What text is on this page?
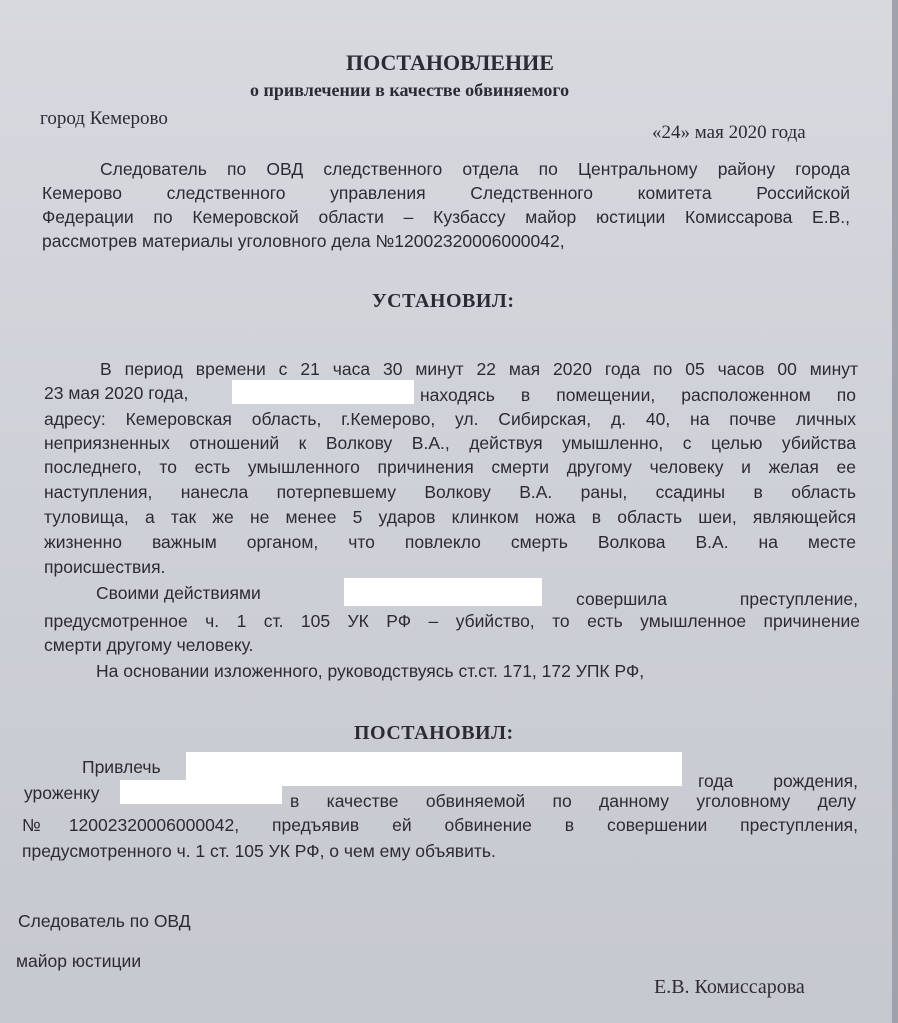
ПОСТАНОВЛЕНИЕ
о привлечении в качестве обвиняемого
город Кемерово
«24» мая 2020 года
Следователь по ОВД следственного отдела по Центральному району города
Кемерово следственного управления Следственного комитета Российской
Федерации по Кемеровской области – Кузбассу майор юстиции Комиссарова Е.В.,
рассмотрев материалы уголовного дела №12002320006000042,
УСТАНОВИЛ:
В период времени с 21 часа 30 минут 22 мая 2020 года по 05 часов 00 минут
23 мая 2020 года,	находясь в помещении, расположенном по
адресу: Кемеровская область, г.Кемерово, ул. Сибирская, д. 40, на почве личных
неприязненных отношений к Волкову В.А., действуя умышленно, с целью убийства
последнего, то есть умышленного причинения смерти другому человеку и желая ее
наступления, нанесла потерпевшему Волкову В.А. раны, ссадины в область
туловища, а так же не менее 5 ударов клинком ножа в область шеи, являющейся
жизненно важным органом, что повлекло смерть Волкова В.А. на месте
происшествия.
Своими действиями	совершила преступление,
предусмотренное ч. 1 ст. 105 УК РФ – убийство, то есть умышленное причинение
смерти другому человеку.
На основании изложенного, руководствуясь ст.ст. 171, 172 УПК РФ,
ПОСТАНОВИЛ:
Привлечь
года рождения,
уроженку	в качестве обвиняемой по данному уголовному делу
№12002320006000042, предъявив ей обвинение в совершении преступления,
предусмотренного ч. 1 ст. 105 УК РФ, о чем ему объявить.
Следователь по ОВД
майор юстиции
Е.В. Комиссарова
